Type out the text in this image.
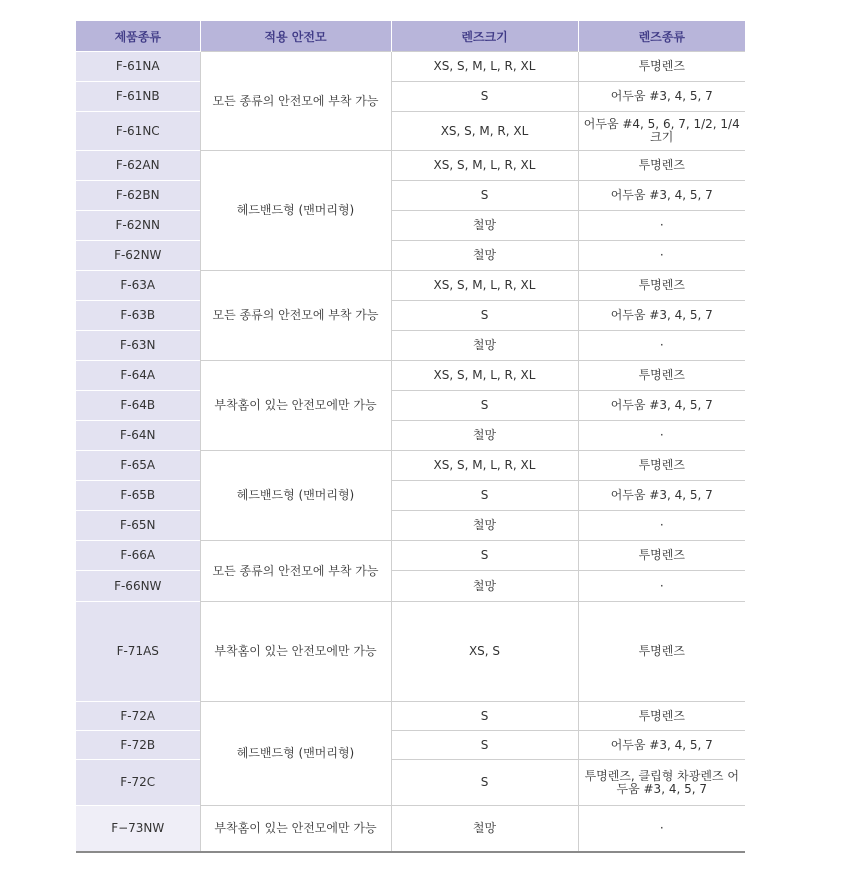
제품종류	적용 안전모	렌즈크기	렌즈종류
F-61NA	모든 종류의 안전모에 부착 가능	XS, S, M, L, R, XL	투명렌즈
F-61NB		S	어두움 #3, 4, 5, 7
F-61NC		XS, S, M, R, XL	어두움 #4, 5, 6, 7, 1/2, 1/4크기
F-62AN	헤드밴드형 (맨머리형)	XS, S, M, L, R, XL	투명렌즈
F-62BN		S	어두움 #3, 4, 5, 7
F-62NN		철망	·
F-62NW		철망	·
F-63A	모든 종류의 안전모에 부착 가능	XS, S, M, L, R, XL	투명렌즈
F-63B		S	어두움 #3, 4, 5, 7
F-63N		철망	·
F-64A	부착홈이 있는 안전모에만 가능	XS, S, M, L, R, XL	투명렌즈
F-64B		S	어두움 #3, 4, 5, 7
F-64N		철망	·
F-65A	헤드밴드형 (맨머리형)	XS, S, M, L, R, XL	투명렌즈
F-65B		S	어두움 #3, 4, 5, 7
F-65N		철망	·
F-66A	모든 종류의 안전모에 부착 가능	S	투명렌즈
F-66NW		철망	·
F-71AS	부착홈이 있는 안전모에만 가능	XS, S	투명렌즈
F-72A	헤드밴드형 (맨머리형)	S	투명렌즈
F-72B		S	어두움 #3, 4, 5, 7
F-72C		S	투명렌즈, 클립형 차광렌즈 어두움 #3, 4, 5, 7
F−73NW	부착홈이 있는 안전모에만 가능	철망	·
